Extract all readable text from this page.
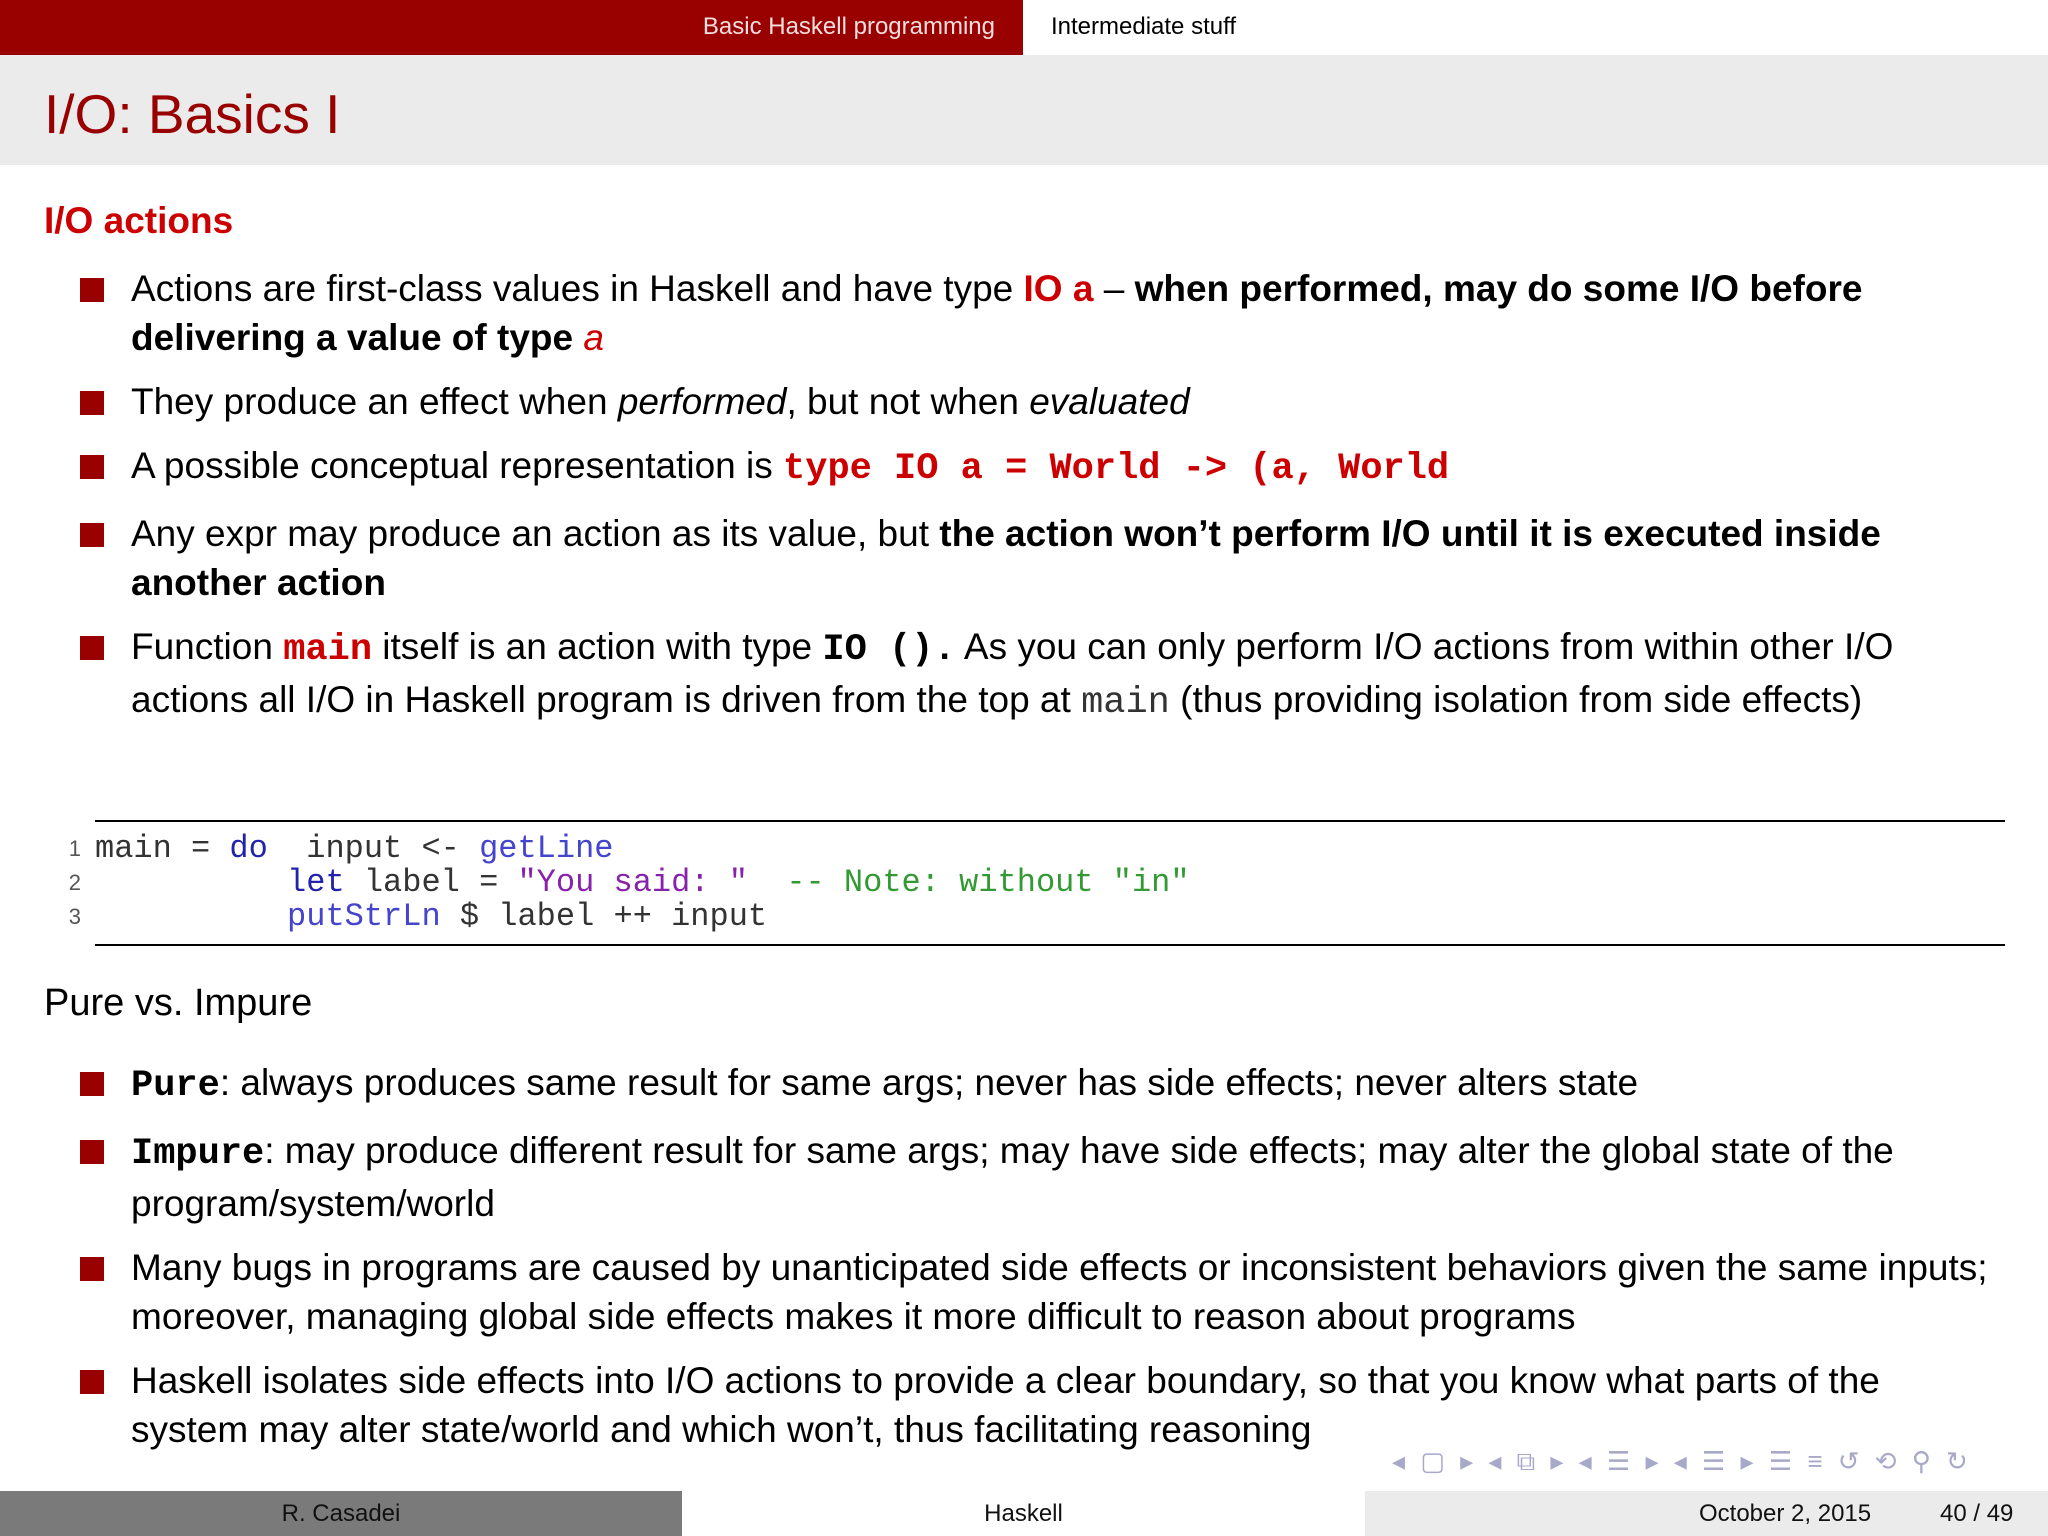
Basic Haskell programming Intermediate stuff
I/O: Basics I
I/O actions
Actions are first-class values in Haskell and have type IO a – when performed, may do some I/O before delivering a value of type a
They produce an effect when performed, but not when evaluated
A possible conceptual representation is type IO a = World -> (a, World
Any expr may produce an action as its value, but the action won’t perform I/O until it is executed inside another action
Function main itself is an action with type IO (). As you can only perform I/O actions from within other I/O actions all I/O in Haskell program is driven from the top at main (thus providing isolation from side effects)
1 main = do  input <- getLine
2	let label = "You said: " -- Note: without "in"
3	putStrLn $ label ++ input
Pure vs. Impure
Pure: always produces same result for same args; never has side effects; never alters state
Impure: may produce different result for same args; may have side effects; may alter the global state of the program/system/world
Many bugs in programs are caused by unanticipated side effects or inconsistent behaviors given the same inputs; moreover, managing global side effects makes it more difficult to reason about programs
Haskell isolates side effects into I/O actions to provide a clear boundary, so that you know what parts of the system may alter state/world and which won’t, thus facilitating reasoning
◂ ▢ ▸ ◂ ⧉ ▸ ◂ ☰ ▸ ◂ ☰ ▸ ☰ ≡ ↺ ⟲ ⚲ ↻
R. Casadei	Haskell	October 2, 2015	40 / 49
